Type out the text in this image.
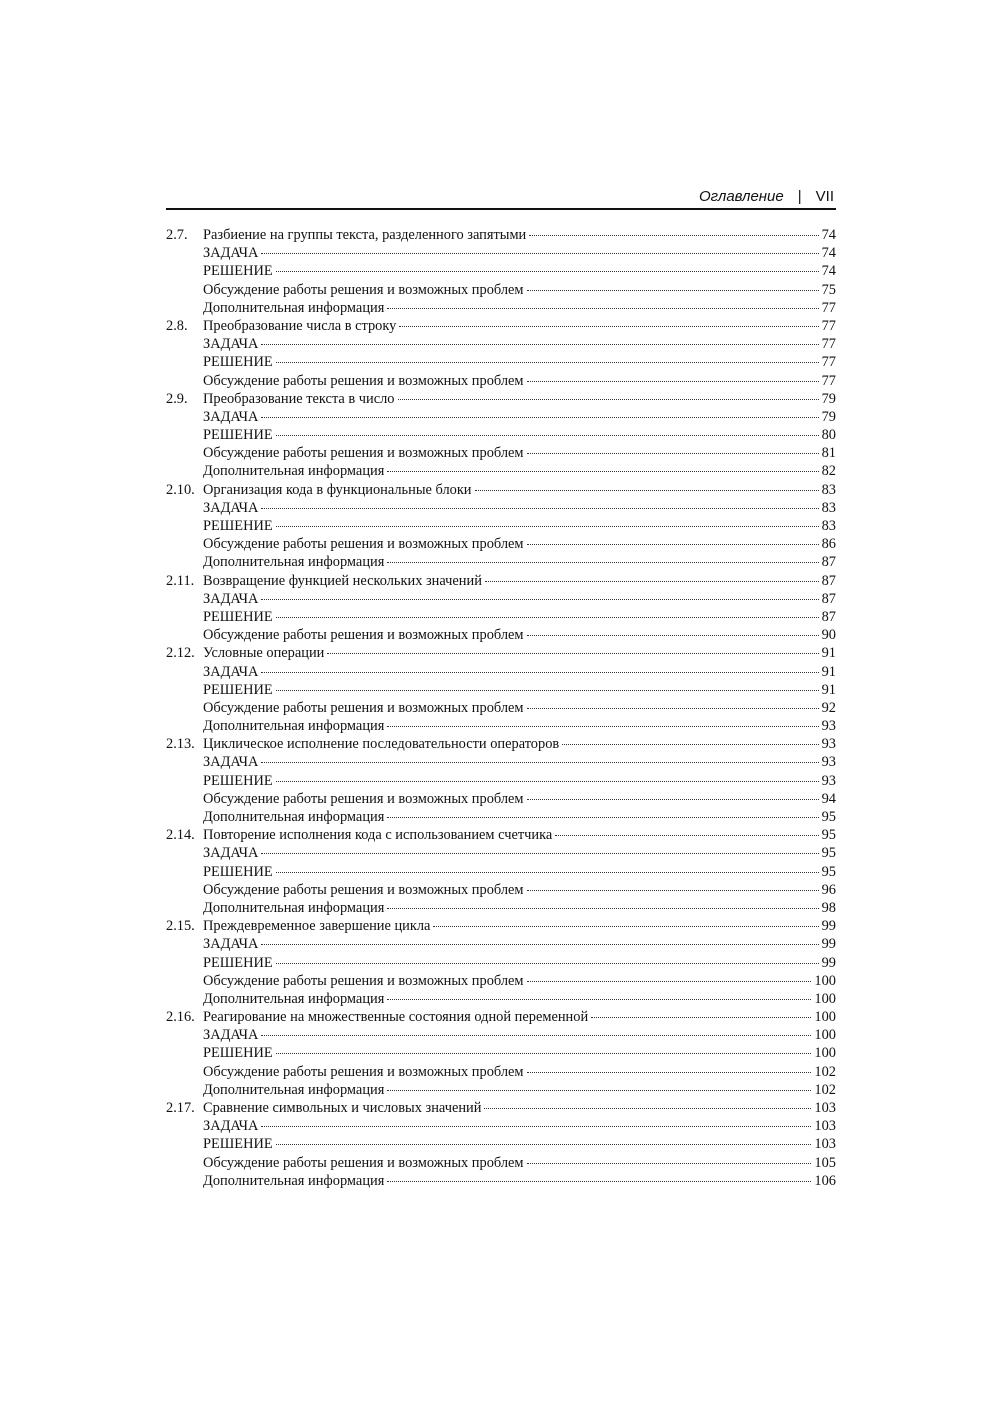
Оглавление | VII
2.7.	Разбиение на группы текста, разделенного запятыми	74
ЗАДАЧА	74
РЕШЕНИЕ	74
Обсуждение работы решения и возможных проблем	75
Дополнительная информация	77
2.8.	Преобразование числа в строку	77
ЗАДАЧА	77
РЕШЕНИЕ	77
Обсуждение работы решения и возможных проблем	77
2.9.	Преобразование текста в число	79
ЗАДАЧА	79
РЕШЕНИЕ	80
Обсуждение работы решения и возможных проблем	81
Дополнительная информация	82
2.10. Организация кода в функциональные блоки	83
ЗАДАЧА	83
РЕШЕНИЕ	83
Обсуждение работы решения и возможных проблем	86
Дополнительная информация	87
2.11. Возвращение функцией нескольких значений	87
ЗАДАЧА	87
РЕШЕНИЕ	87
Обсуждение работы решения и возможных проблем	90
2.12. Условные операции	91
ЗАДАЧА	91
РЕШЕНИЕ	91
Обсуждение работы решения и возможных проблем	92
Дополнительная информация	93
2.13. Циклическое исполнение последовательности операторов	93
ЗАДАЧА	93
РЕШЕНИЕ	93
Обсуждение работы решения и возможных проблем	94
Дополнительная информация	95
2.14. Повторение исполнения кода с использованием счетчика	95
ЗАДАЧА	95
РЕШЕНИЕ	95
Обсуждение работы решения и возможных проблем	96
Дополнительная информация	98
2.15. Преждевременное завершение цикла	99
ЗАДАЧА	99
РЕШЕНИЕ	99
Обсуждение работы решения и возможных проблем	100
Дополнительная информация	100
2.16. Реагирование на множественные состояния одной переменной	100
ЗАДАЧА	100
РЕШЕНИЕ	100
Обсуждение работы решения и возможных проблем	102
Дополнительная информация	102
2.17. Сравнение символьных и числовых значений	103
ЗАДАЧА	103
РЕШЕНИЕ	103
Обсуждение работы решения и возможных проблем	105
Дополнительная информация	106
